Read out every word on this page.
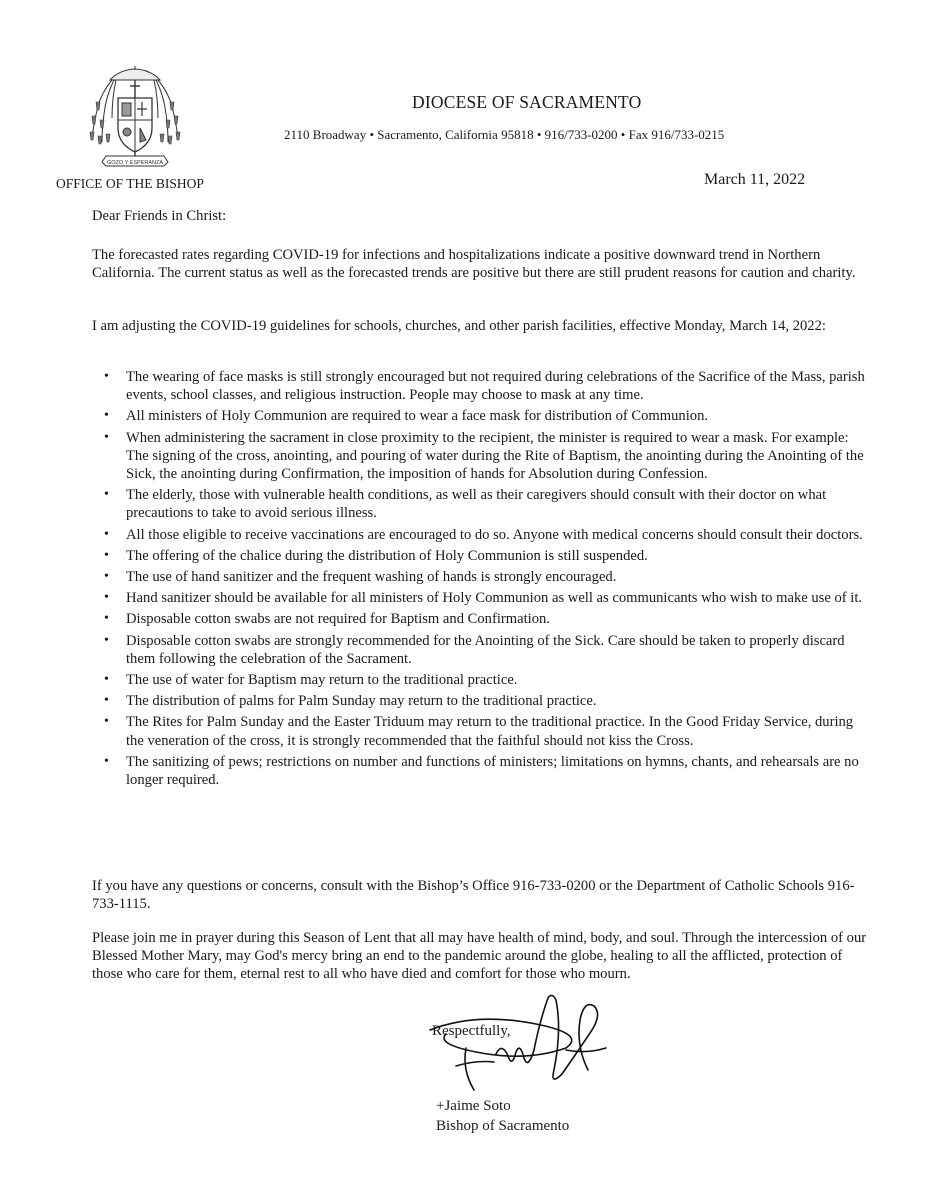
GOZO Y ESPERANZA
DIOCESE OF SACRAMENTO
2110 Broadway • Sacramento, California 95818 • 916/733-0200 • Fax 916/733-0215
OFFICE OF THE BISHOP	March 11, 2022
Dear Friends in Christ:
The forecasted rates regarding COVID-19 for infections and hospitalizations indicate a positive downward trend in Northern California. The current status as well as the forecasted trends are positive but there are still prudent reasons for caution and charity.
I am adjusting the COVID-19 guidelines for schools, churches, and other parish facilities, effective Monday, March 14, 2022:
• The wearing of face masks is still strongly encouraged but not required during celebrations of the Sacrifice of the Mass, parish events, school classes, and religious instruction. People may choose to mask at any time.
• All ministers of Holy Communion are required to wear a face mask for distribution of Communion.
• When administering the sacrament in close proximity to the recipient, the minister is required to wear a mask. For example: The signing of the cross, anointing, and pouring of water during the Rite of Baptism, the anointing during the Anointing of the Sick, the anointing during Confirmation, the imposition of hands for Absolution during Confession.
• The elderly, those with vulnerable health conditions, as well as their caregivers should consult with their doctor on what precautions to take to avoid serious illness.
• All those eligible to receive vaccinations are encouraged to do so. Anyone with medical concerns should consult their doctors.
• The offering of the chalice during the distribution of Holy Communion is still suspended.
• The use of hand sanitizer and the frequent washing of hands is strongly encouraged.
• Hand sanitizer should be available for all ministers of Holy Communion as well as communicants who wish to make use of it.
• Disposable cotton swabs are not required for Baptism and Confirmation.
• Disposable cotton swabs are strongly recommended for the Anointing of the Sick. Care should be taken to properly discard them following the celebration of the Sacrament.
• The use of water for Baptism may return to the traditional practice.
• The distribution of palms for Palm Sunday may return to the traditional practice.
• The Rites for Palm Sunday and the Easter Triduum may return to the traditional practice. In the Good Friday Service, during the veneration of the cross, it is strongly recommended that the faithful should not kiss the Cross.
• The sanitizing of pews; restrictions on number and functions of ministers; limitations on hymns, chants, and rehearsals are no longer required.
If you have any questions or concerns, consult with the Bishop’s Office 916-733-0200 or the Department of Catholic Schools 916-733-1115.
Please join me in prayer during this Season of Lent that all may have health of mind, body, and soul. Through the intercession of our Blessed Mother Mary, may God's mercy bring an end to the pandemic around the globe, healing to all the afflicted, protection of those who care for them, eternal rest to all who have died and comfort for those who mourn.
Respectfully,
+Jaime Soto
Bishop of Sacramento
